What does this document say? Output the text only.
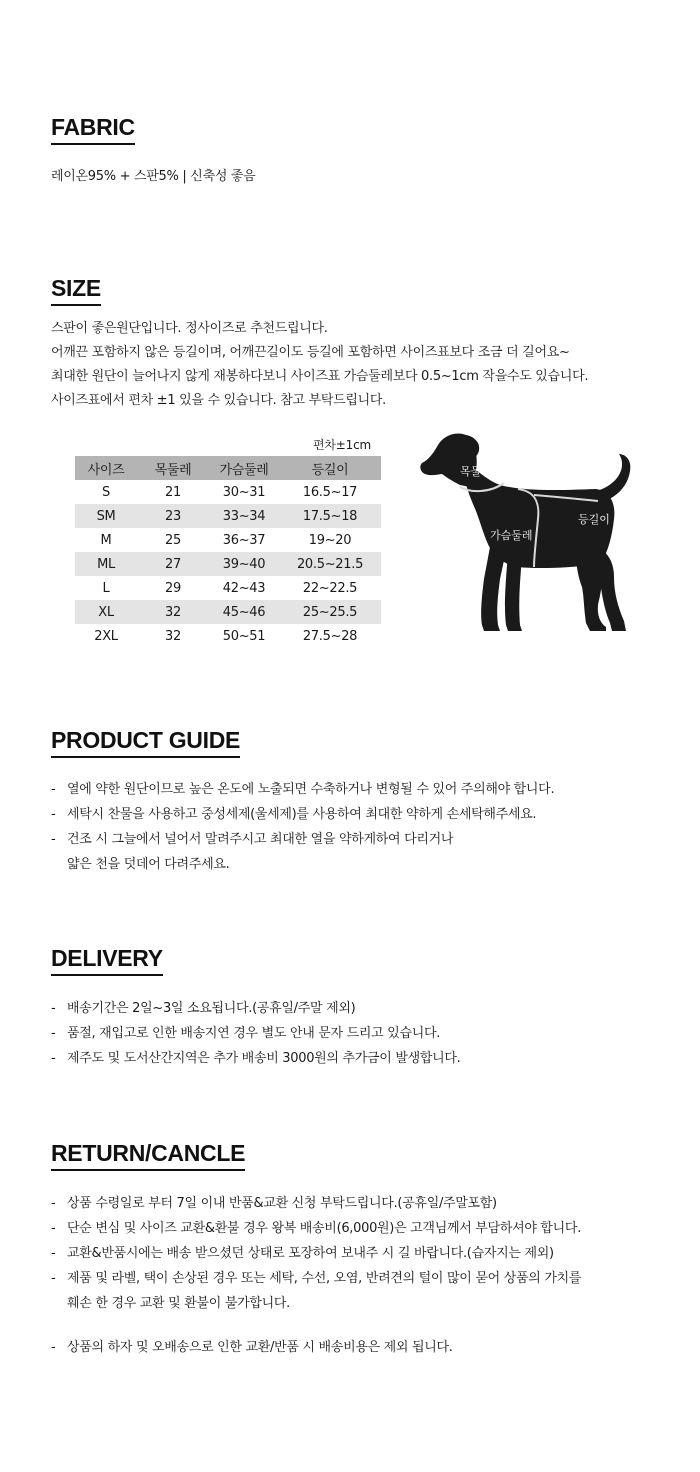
FABRIC
레이온95% + 스판5% | 신축성 좋음
SIZE

스판이 좋은원단입니다. 정사이즈로 추천드립니다.

어깨끈 포함하지 않은 등길이며, 어깨끈길이도 등길에 포함하면 사이즈표보다 조금 더 길어요~

최대한 원단이 늘어나지 않게 재봉하다보니 사이즈표 가슴둘레보다 0.5~1cm 작을수도 있습니다.

사이즈표에서 편차 ±1 있을 수 있습니다. 참고 부탁드립니다.

편차±1cm
사이즈	목둘레	가슴둘레	등길이
S	21	30~31	16.5~17
SM	23	33~34	17.5~18
M	25	36~37	19~20
ML	27	39~40	20.5~21.5
L	29	42~43	22~22.5
XL	32	45~46	25~25.5
2XL	32	50~51	27.5~28
목둘레
가슴둘레
등길이
PRODUCT GUIDE
- 열에 약한 원단이므로 높은 온도에 노출되면 수축하거나 변형될 수 있어 주의해야 합니다.
- 세탁시 찬물을 사용하고 중성세제(울세제)를 사용하여 최대한 약하게 손세탁해주세요.
- 건조 시 그늘에서 널어서 말려주시고 최대한 열을 약하게하여 다리거나
얇은 천을 덧데어 다려주세요.
DELIVERY
- 배송기간은 2일~3일 소요됩니다.(공휴일/주말 제외)
- 품절, 재입고로 인한 배송지연 경우 별도 안내 문자 드리고 있습니다.
- 제주도 및 도서산간지역은 추가 배송비 3000원의 추가금이 발생합니다.
RETURN/CANCLE
- 상품 수령일로 부터 7일 이내 반품&교환 신청 부탁드립니다.(공휴일/주말포함)
- 단순 변심 및 사이즈 교환&환불 경우 왕복 배송비(6,000원)은 고객님께서 부담하셔야 합니다.
- 교환&반품시에는 배송 받으셨던 상태로 포장하여 보내주 시 길 바랍니다.(습자지는 제외)
- 제품 및 라벨, 택이 손상된 경우 또는 세탁, 수선, 오염, 반려견의 털이 많이 묻어 상품의 가치를
훼손 한 경우 교환 및 환불이 불가합니다.
- 상품의 하자 및 오배송으로 인한 교환/반품 시 배송비용은 제외 됩니다.
